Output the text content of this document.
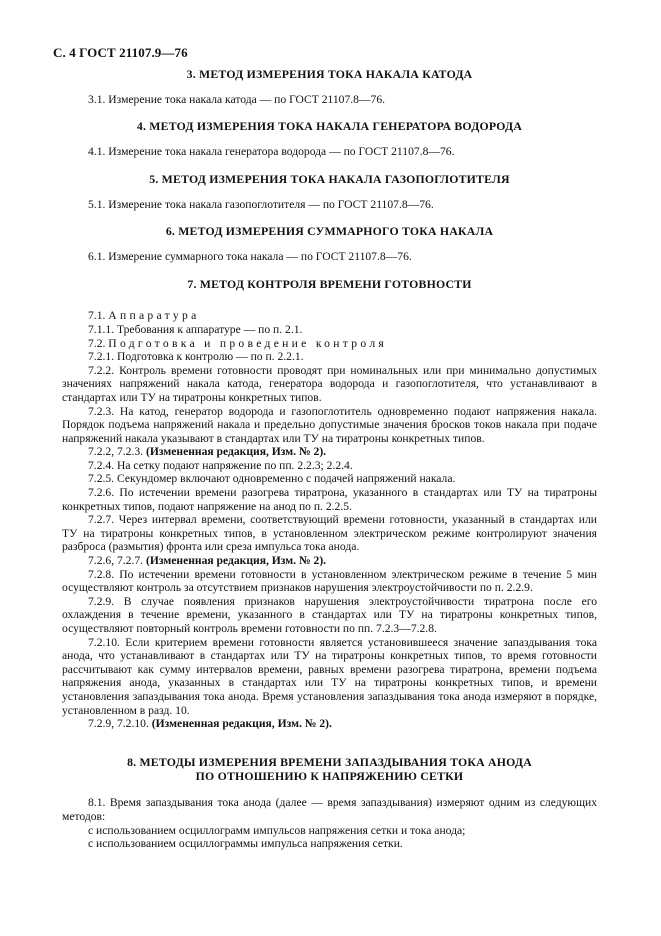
С. 4 ГОСТ 21107.9—76
3. МЕТОД ИЗМЕРЕНИЯ ТОКА НАКАЛА КАТОДА

3.1. Измерение тока накала катода — по ГОСТ 21107.8—76.

4. МЕТОД ИЗМЕРЕНИЯ ТОКА НАКАЛА ГЕНЕРАТОРА ВОДОРОДА

4.1. Измерение тока накала генератора водорода — по ГОСТ 21107.8—76.

5. МЕТОД ИЗМЕРЕНИЯ ТОКА НАКАЛА ГАЗОПОГЛОТИТЕЛЯ

5.1. Измерение тока накала газопоглотителя — по ГОСТ 21107.8—76.

6. МЕТОД ИЗМЕРЕНИЯ СУММАРНОГО ТОКА НАКАЛА

6.1. Измерение суммарного тока накала — по ГОСТ 21107.8—76.

7. МЕТОД КОНТРОЛЯ ВРЕМЕНИ ГОТОВНОСТИ

7.1. Аппаратура

7.1.1. Требования к аппаратуре — по п. 2.1.

7.2. Подготовка и проведение контроля

7.2.1. Подготовка к контролю — по п. 2.2.1.

7.2.2. Контроль времени готовности проводят при номинальных или при минимально допустимых значениях напряжений накала катода, генератора водорода и газопоглотителя, что устанавливают в стандартах или ТУ на тиратроны конкретных типов.

7.2.3. На катод, генератор водорода и газопоглотитель одновременно подают напряжения накала. Порядок подъема напряжений накала и предельно допустимые значения бросков токов накала при подаче напряжений накала указывают в стандартах или ТУ на тиратроны конкретных типов.

7.2.2, 7.2.3. (Измененная редакция, Изм. № 2).

7.2.4. На сетку подают напряжение по пп. 2.2.3; 2.2.4.

7.2.5. Секундомер включают одновременно с подачей напряжений накала.

7.2.6. По истечении времени разогрева тиратрона, указанного в стандартах или ТУ на тиратроны конкретных типов, подают напряжение на анод по п. 2.2.5.

7.2.7. Через интервал времени, соответствующий времени готовности, указанный в стандартах или ТУ на тиратроны конкретных типов, в установленном электрическом режиме контролируют значения разброса (размытия) фронта или среза импульса тока анода.

7.2.6, 7.2.7. (Измененная редакция, Изм. № 2).

7.2.8. По истечении времени готовности в установленном электрическом режиме в течение 5 мин осуществляют контроль за отсутствием признаков нарушения электроустойчивости по п. 2.2.9.

7.2.9. В случае появления признаков нарушения электроустойчивости тиратрона после его охлаждения в течение времени, указанного в стандартах или ТУ на тиратроны конкретных типов, осуществляют повторный контроль времени готовности по пп. 7.2.3—7.2.8.

7.2.10. Если критерием времени готовности является установившееся значение запаздывания тока анода, что устанавливают в стандартах или ТУ на тиратроны конкретных типов, то время готовности рассчитывают как сумму интервалов времени, равных времени разогрева тиратрона, времени подъема напряжения анода, указанных в стандартах или ТУ на тиратроны конкретных типов, и времени установления запаздывания тока анода. Время установления запаздывания тока анода измеряют в порядке, установленном в разд. 10.

7.2.9, 7.2.10. (Измененная редакция, Изм. № 2).

8. МЕТОДЫ ИЗМЕРЕНИЯ ВРЕМЕНИ ЗАПАЗДЫВАНИЯ ТОКА АНОДА
ПО ОТНОШЕНИЮ К НАПРЯЖЕНИЮ СЕТКИ

8.1. Время запаздывания тока анода (далее — время запаздывания) измеряют одним из следующих методов:

с использованием осциллограмм импульсов напряжения сетки и тока анода;

с использованием осциллограммы импульса напряжения сетки.
